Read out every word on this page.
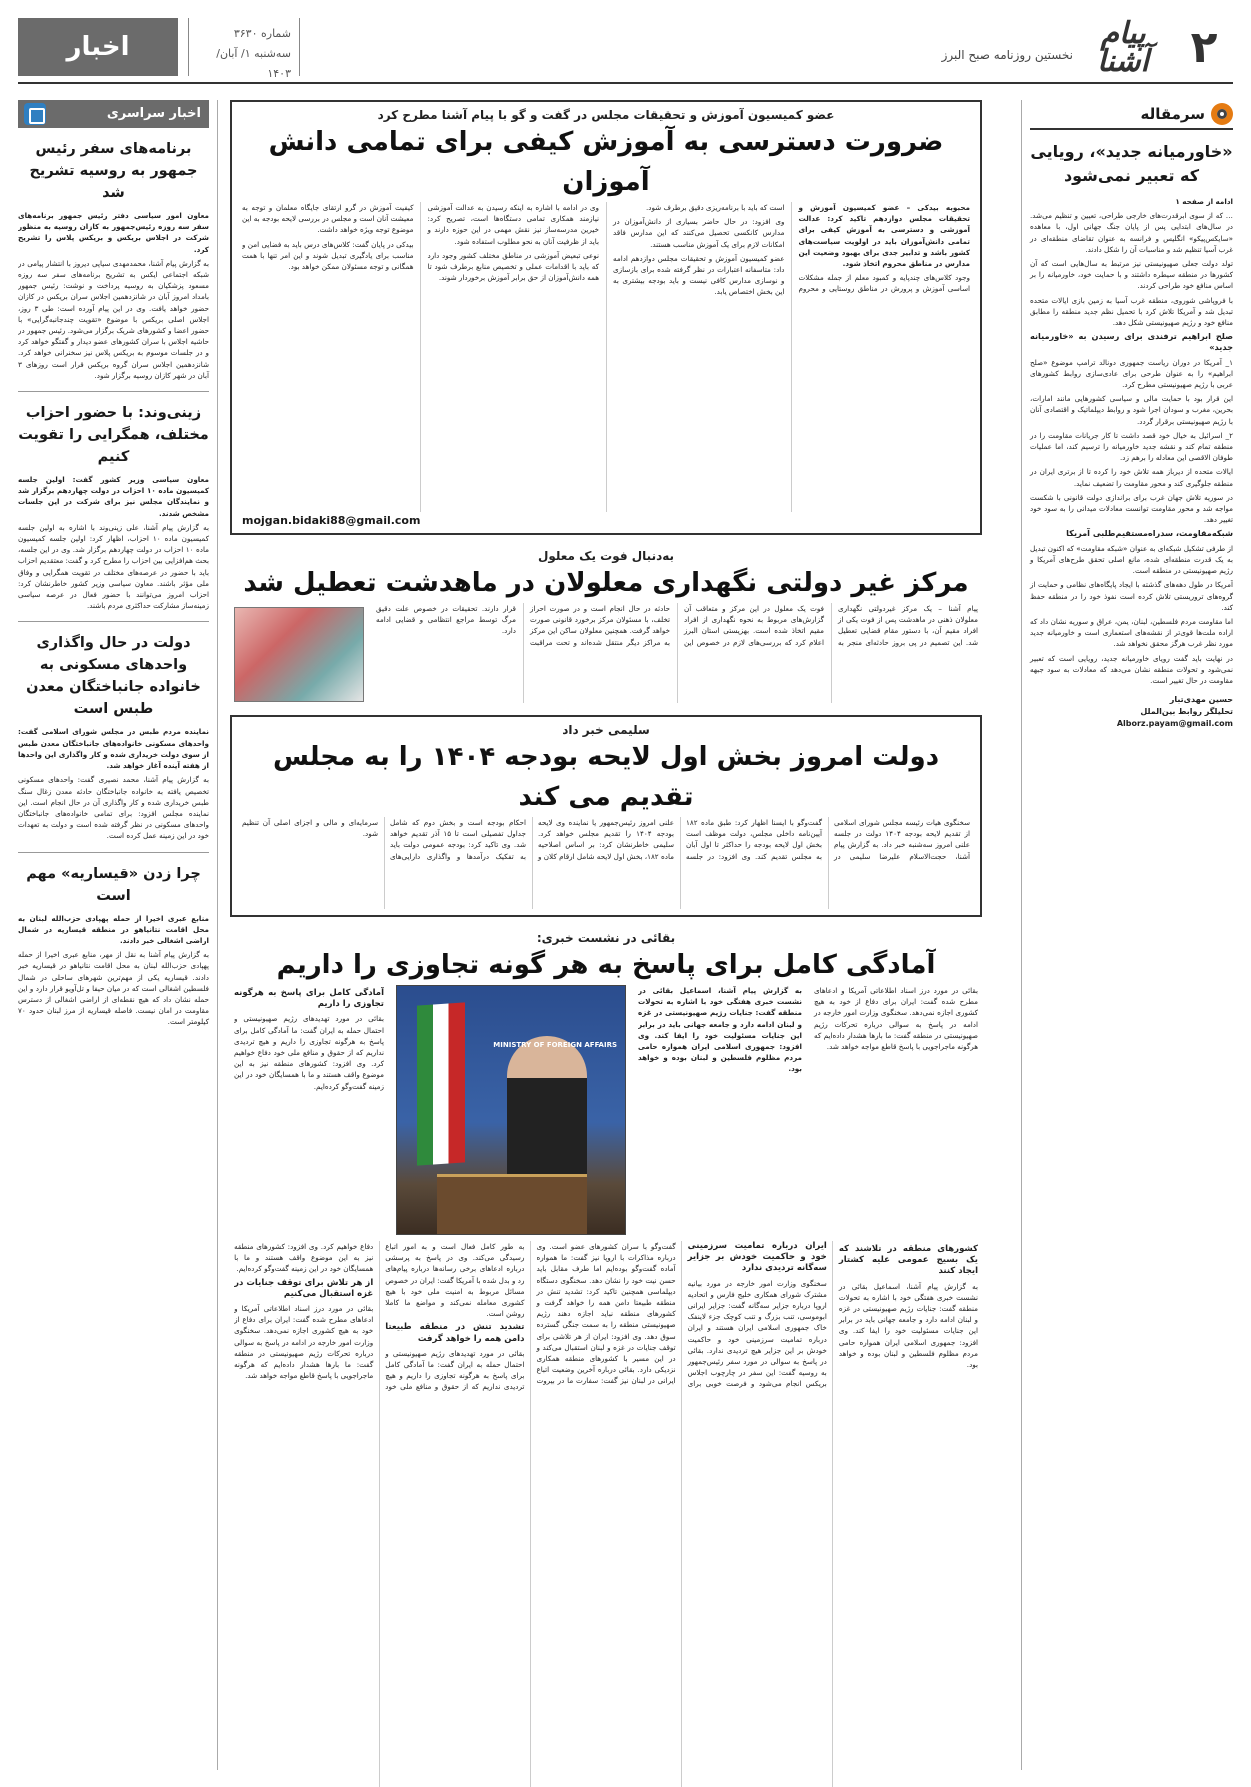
۲
پیام آشنا
نخستین روزنامه صبح البرز
شماره ۳۶۳۰
سه‌شنبه ۱/ آبان/ ۱۴۰۳
اخبار
سرمقاله
«خاورمیانه جدید»، رویایی که تعبیر نمی‌شود

ادامه از صفحه ۱

… که از سوی ابرقدرت‌های خارجی طراحی، تعیین و تنظیم می‌شد. در سال‌های ابتدایی پس از پایان جنگ جهانی اول، با معاهده «سایکس‌پیکو» انگلیس و فرانسه به عنوان تقاضای منطقه‌ای در غرب آسیا تنظیم شد و مناسبات آن را شکل دادند.

تولد دولت جعلی صهیونیستی نیز مرتبط به سال‌هایی است که آن کشورها در منطقه سیطره داشتند و با حمایت خود، خاورمیانه را بر اساس منافع خود طراحی کردند.

با فروپاشی شوروی، منطقه غرب آسیا به زمین بازی ایالات متحده تبدیل شد و آمریکا تلاش کرد با تحمیل نظم جدید منطقه را مطابق منافع خود و رژیم صهیونیستی شکل دهد.

صلح ابراهیم ترفندی برای رسیدن به «خاورمیانه جدید»

۱_ آمریکا در دوران ریاست جمهوری دونالد ترامپ موضوع «صلح ابراهیم» را به عنوان طرحی برای عادی‌سازی روابط کشورهای عربی با رژیم صهیونیستی مطرح کرد.

این قرار بود با حمایت مالی و سیاسی کشورهایی مانند امارات، بحرین، مغرب و سودان اجرا شود و روابط دیپلماتیک و اقتصادی آنان با رژیم صهیونیستی برقرار گردد.

۲_ اسرائیل به خیال خود قصد داشت تا کار جریانات مقاومت را در منطقه تمام کند و نقشه جدید خاورمیانه را ترسیم کند، اما عملیات طوفان الاقصی این معادله را برهم زد.

ایالات متحده از دیرباز همه تلاش خود را کرده تا از برتری ایران در منطقه جلوگیری کند و محور مقاومت را تضعیف نماید.

در سوریه تلاش جهان غرب برای براندازی دولت قانونی با شکست مواجه شد و محور مقاومت توانست معادلات میدانی را به سود خود تغییر دهد.

شبکه‌مقاومت، سدراه‌مستقیم‌طلبی آمریکا

از طرفی تشکیل شبکه‌ای به عنوان «شبکه مقاومت» که اکنون تبدیل به یک قدرت منطقه‌ای شده، مانع اصلی تحقق طرح‌های آمریکا و رژیم صهیونیستی در منطقه است.

آمریکا در طول دهه‌های گذشته با ایجاد پایگاه‌های نظامی و حمایت از گروه‌های تروریستی تلاش کرده است نفوذ خود را در منطقه حفظ کند.

اما مقاومت مردم فلسطین، لبنان، یمن، عراق و سوریه نشان داد که اراده ملت‌ها قوی‌تر از نقشه‌های استعماری است و خاورمیانه جدید مورد نظر غرب هرگز محقق نخواهد شد.

در نهایت باید گفت رویای خاورمیانه جدید، رویایی است که تعبیر نمی‌شود و تحولات منطقه نشان می‌دهد که معادلات به سود جبهه مقاومت در حال تغییر است.

حسین مهدی‌تبار
تحلیلگر روابط بین‌الملل
Alborz.payam@gmail.com
اخبار سراسری
برنامه‌های سفر رئیس جمهور به روسیه تشریح شد

معاون امور سیاسی دفتر رئیس جمهور برنامه‌های سفر سه روزه رئیس‌جمهور به کازان روسیه به منظور شرکت در اجلاس بریکس و بریکس پلاس را تشریح کرد.

به گزارش پیام آشنا، محمدمهدی سیاپی دیروز با انتشار پیامی در شبکه اجتماعی ایکس به تشریح برنامه‌های سفر سه روزه مسعود پزشکیان به روسیه پرداخت و نوشت: رئیس جمهور بامداد امروز آبان در شانزدهمین اجلاس سران بریکس در کازان حضور خواهد یافت. وی در این پیام آورده است: طی ۳ روز، اجلاس اصلی بریکس با موضوع «تقویت چندجانبه‌گرایی» با حضور اعضا و کشورهای شریک برگزار می‌شود. رئیس جمهور در حاشیه اجلاس با سران کشورهای عضو دیدار و گفتگو خواهد کرد و در جلسات موسوم به بریکس پلاس نیز سخنرانی خواهد کرد. شانزدهمین اجلاس سران گروه بریکس قرار است روزهای ۳ آبان در شهر کازان روسیه برگزار شود.

زینی‌وند: با حضور احزاب مختلف، همگرایی را تقویت کنیم

معاون سیاسی وزیر کشور گفت: اولین جلسه کمیسیون ماده ۱۰ احزاب در دولت چهاردهم برگزار شد و نمایندگان مجلس نیز برای شرکت در این جلسات مشخص شدند.

به گزارش پیام آشنا، علی زینی‌وند با اشاره به اولین جلسه کمیسیون ماده ۱۰ احزاب، اظهار کرد: اولین جلسه کمیسیون ماده ۱۰ احزاب در دولت چهاردهم برگزار شد. وی در این جلسه، بحث هم‌افزایی بین احزاب را مطرح کرد و گفت: معتقدیم احزاب باید با حضور در عرصه‌های مختلف در تقویت همگرایی و وفاق ملی مؤثر باشند. معاون سیاسی وزیر کشور خاطرنشان کرد: احزاب امروز می‌توانند با حضور فعال در عرصه سیاسی زمینه‌ساز مشارکت حداکثری مردم باشند.

دولت در حال واگذاری واحدهای مسکونی به خانواده جانباختگان معدن طبس است

نماینده مردم طبس در مجلس شورای اسلامی گفت: واحدهای مسکونی خانواده‌های جانباختگان معدن طبس از سوی دولت خریداری شده و کار واگذاری این واحدها از هفته آینده آغاز خواهد شد.

به گزارش پیام آشنا، محمد نصیری گفت: واحدهای مسکونی تخصیص یافته به خانواده جانباختگان حادثه معدن زغال سنگ طبس خریداری شده و کار واگذاری آن در حال انجام است. این نماینده مجلس افزود: برای تمامی خانواده‌های جانباختگان واحدهای مسکونی در نظر گرفته شده است و دولت به تعهدات خود در این زمینه عمل کرده است.

چرا زدن «قیساریه» مهم است

منابع عبری اخیرا از حمله پهپادی حزب‌الله لبنان به محل اقامت نتانیاهو در منطقه قیساریه در شمال اراضی اشغالی خبر دادند.

به گزارش پیام آشنا به نقل از مهر، منابع عبری اخیرا از حمله پهپادی حزب‌الله لبنان به محل اقامت نتانیاهو در قیساریه خبر دادند. قیساریه یکی از مهم‌ترین شهرهای ساحلی در شمال فلسطین اشغالی است که در میان حیفا و تل‌آویو قرار دارد و این حمله نشان داد که هیچ نقطه‌ای از اراضی اشغالی از دسترس مقاومت در امان نیست. فاصله قیساریه از مرز لبنان حدود ۷۰ کیلومتر است.

عضو کمیسیون آموزش و تحقیقات مجلس در گفت و گو با پیام آشنا مطرح کرد
ضرورت دسترسی به آموزش کیفی برای تمامی دانش آموزان

محبوبه بیدکی – عضو کمیسیون آموزش و تحقیقات مجلس دوازدهم تاکید کرد: عدالت آموزشی و دسترسی به آموزش کیفی برای تمامی دانش‌آموزان باید در اولویت سیاست‌های کشور باشد و تدابیر جدی برای بهبود وضعیت این مدارس در مناطق محروم اتخاذ شود.

وجود کلاس‌های چندپایه و کمبود معلم از جمله مشکلات اساسی آموزش و پرورش در مناطق روستایی و محروم است که باید با برنامه‌ریزی دقیق برطرف شود.

وی افزود: در حال حاضر بسیاری از دانش‌آموزان در مدارس کانکسی تحصیل می‌کنند که این مدارس فاقد امکانات لازم برای یک آموزش مناسب هستند.

عضو کمیسیون آموزش و تحقیقات مجلس دوازدهم ادامه داد: متاسفانه اعتبارات در نظر گرفته شده برای بازسازی و نوسازی مدارس کافی نیست و باید بودجه بیشتری به این بخش اختصاص یابد.

وی در ادامه با اشاره به اینکه رسیدن به عدالت آموزشی نیازمند همکاری تمامی دستگاه‌ها است، تصریح کرد: خیرین مدرسه‌ساز نیز نقش مهمی در این حوزه دارند و باید از ظرفیت آنان به نحو مطلوب استفاده شود.

نوعی تبعیض آموزشی در مناطق مختلف کشور وجود دارد که باید با اقدامات عملی و تخصیص منابع برطرف شود تا همه دانش‌آموزان از حق برابر آموزش برخوردار شوند.

کیفیت آموزش در گرو ارتقای جایگاه معلمان و توجه به معیشت آنان است و مجلس در بررسی لایحه بودجه به این موضوع توجه ویژه خواهد داشت.

بیدکی در پایان گفت: کلاس‌های درس باید به فضایی امن و مناسب برای یادگیری تبدیل شوند و این امر تنها با همت همگانی و توجه مسئولان ممکن خواهد بود.

mojgan.bidaki88@gmail.com
به‌دنبال فوت یک معلول
مرکز غیر دولتی نگهداری معلولان در ماهدشت تعطیل شد

پیام آشنا – یک مرکز غیردولتی نگهداری معلولان ذهنی در ماهدشت پس از فوت یکی از افراد مقیم آن، با دستور مقام قضایی تعطیل شد. این تصمیم در پی بروز حادثه‌ای منجر به فوت یک معلول در این مرکز و متعاقب آن گزارش‌های مربوط به نحوه نگهداری از افراد مقیم اتخاذ شده است. بهزیستی استان البرز اعلام کرد که بررسی‌های لازم در خصوص این حادثه در حال انجام است و در صورت احراز تخلف، با مسئولان مرکز برخورد قانونی صورت خواهد گرفت. همچنین معلولان ساکن این مرکز به مراکز دیگر منتقل شده‌اند و تحت مراقبت قرار دارند. تحقیقات در خصوص علت دقیق مرگ توسط مراجع انتظامی و قضایی ادامه دارد.

سلیمی خبر داد
دولت امروز بخش اول لایحه بودجه ۱۴۰۴ را به مجلس تقدیم می کند

سخنگوی هیات رئیسه مجلس شورای اسلامی از تقدیم لایحه بودجه ۱۴۰۴ دولت در جلسه علنی امروز سه‌شنبه خبر داد. به گزارش پیام آشنا، حجت‌الاسلام علیرضا سلیمی در گفت‌وگو با ایسنا اظهار کرد: طبق ماده ۱۸۲ آیین‌نامه داخلی مجلس، دولت موظف است بخش اول لایحه بودجه را حداکثر تا اول آبان به مجلس تقدیم کند. وی افزود: در جلسه علنی امروز رئیس‌جمهور یا نماینده وی لایحه بودجه ۱۴۰۴ را تقدیم مجلس خواهد کرد. سلیمی خاطرنشان کرد: بر اساس اصلاحیه ماده ۱۸۲، بخش اول لایحه شامل ارقام کلان و احکام بودجه است و بخش دوم که شامل جداول تفصیلی است تا ۱۵ آذر تقدیم خواهد شد. وی تاکید کرد: بودجه عمومی دولت باید به تفکیک درآمدها و واگذاری دارایی‌های سرمایه‌ای و مالی و اجزای اصلی آن تنظیم شود.

بقائی در نشست خبری:
آمادگی کامل برای پاسخ به هر گونه تجاوزی را داریم

بقائی در مورد درز اسناد اطلاعاتی آمریکا و ادعاهای مطرح شده گفت: ایران برای دفاع از خود به هیچ کشوری اجازه نمی‌دهد. سخنگوی وزارت امور خارجه در ادامه در پاسخ به سوالی درباره تحرکات رژیم صهیونیستی در منطقه گفت: ما بارها هشدار داده‌ایم که هرگونه ماجراجویی با پاسخ قاطع مواجه خواهد شد.

به گزارش پیام آشنا، اسماعیل بقائی در نشست خبری هفتگی خود با اشاره به تحولات منطقه گفت: جنایات رژیم صهیونیستی در غزه و لبنان ادامه دارد و جامعه جهانی باید در برابر این جنایات مسئولیت خود را ایفا کند. وی افزود: جمهوری اسلامی ایران همواره حامی مردم مظلوم فلسطین و لبنان بوده و خواهد بود.

MINISTRY OF FOREIGN AFFAIRS

آمادگی کامل برای پاسخ به هرگونه تجاوزی را داریم

بقائی در مورد تهدیدهای رژیم صهیونیستی و احتمال حمله به ایران گفت: ما آمادگی کامل برای پاسخ به هرگونه تجاوزی را داریم و هیچ تردیدی نداریم که از حقوق و منافع ملی خود دفاع خواهیم کرد. وی افزود: کشورهای منطقه نیز به این موضوع واقف هستند و ما با همسایگان خود در این زمینه گفت‌وگو کرده‌ایم.

کشورهای منطقه در تلاشند که یک بسیج عمومی علیه کشتار ایجاد کنند

به گزارش پیام آشنا، اسماعیل بقائی در نشست خبری هفتگی خود با اشاره به تحولات منطقه گفت: جنایات رژیم صهیونیستی در غزه و لبنان ادامه دارد و جامعه جهانی باید در برابر این جنایات مسئولیت خود را ایفا کند. وی افزود: جمهوری اسلامی ایران همواره حامی مردم مظلوم فلسطین و لبنان بوده و خواهد بود.

ایران درباره تمامیت سرزمینی خود و حاکمیت خودش بر جزایر سه‌گانه تردیدی ندارد

سخنگوی وزارت امور خارجه در مورد بیانیه مشترک شورای همکاری خلیج فارس و اتحادیه اروپا درباره جزایر سه‌گانه گفت: جزایر ایرانی ابوموسی، تنب بزرگ و تنب کوچک جزء لاینفک خاک جمهوری اسلامی ایران هستند و ایران درباره تمامیت سرزمینی خود و حاکمیت خودش بر این جزایر هیچ تردیدی ندارد. بقائی در پاسخ به سوالی در مورد سفر رئیس‌جمهور به روسیه گفت: این سفر در چارچوب اجلاس بریکس انجام می‌شود و فرصت خوبی برای گفت‌وگو با سران کشورهای عضو است. وی درباره مذاکرات با اروپا نیز گفت: ما همواره آماده گفت‌وگو بوده‌ایم اما طرف مقابل باید حسن نیت خود را نشان دهد. سخنگوی دستگاه دیپلماسی همچنین تاکید کرد: تشدید تنش در منطقه طبیعتا دامن همه را خواهد گرفت و کشورهای منطقه نباید اجازه دهند رژیم صهیونیستی منطقه را به سمت جنگی گسترده سوق دهد. وی افزود: ایران از هر تلاشی برای توقف جنایات در غزه و لبنان استقبال می‌کند و در این مسیر با کشورهای منطقه همکاری نزدیکی دارد. بقائی درباره آخرین وضعیت اتباع ایرانی در لبنان نیز گفت: سفارت ما در بیروت به طور کامل فعال است و به امور اتباع رسیدگی می‌کند. وی در پاسخ به پرسشی درباره ادعاهای برخی رسانه‌ها درباره پیام‌های رد و بدل شده با آمریکا گفت: ایران در خصوص مسائل مربوط به امنیت ملی خود با هیچ کشوری معامله نمی‌کند و مواضع ما کاملا روشن است.

تشدید تنش در منطقه طبیعتا دامن همه را خواهد گرفت

بقائی در مورد تهدیدهای رژیم صهیونیستی و احتمال حمله به ایران گفت: ما آمادگی کامل برای پاسخ به هرگونه تجاوزی را داریم و هیچ تردیدی نداریم که از حقوق و منافع ملی خود دفاع خواهیم کرد. وی افزود: کشورهای منطقه نیز به این موضوع واقف هستند و ما با همسایگان خود در این زمینه گفت‌وگو کرده‌ایم.

از هر تلاش برای توقف جنایات در غزه استقبال می‌کنیم

بقائی در مورد درز اسناد اطلاعاتی آمریکا و ادعاهای مطرح شده گفت: ایران برای دفاع از خود به هیچ کشوری اجازه نمی‌دهد. سخنگوی وزارت امور خارجه در ادامه در پاسخ به سوالی درباره تحرکات رژیم صهیونیستی در منطقه گفت: ما بارها هشدار داده‌ایم که هرگونه ماجراجویی با پاسخ قاطع مواجه خواهد شد.
